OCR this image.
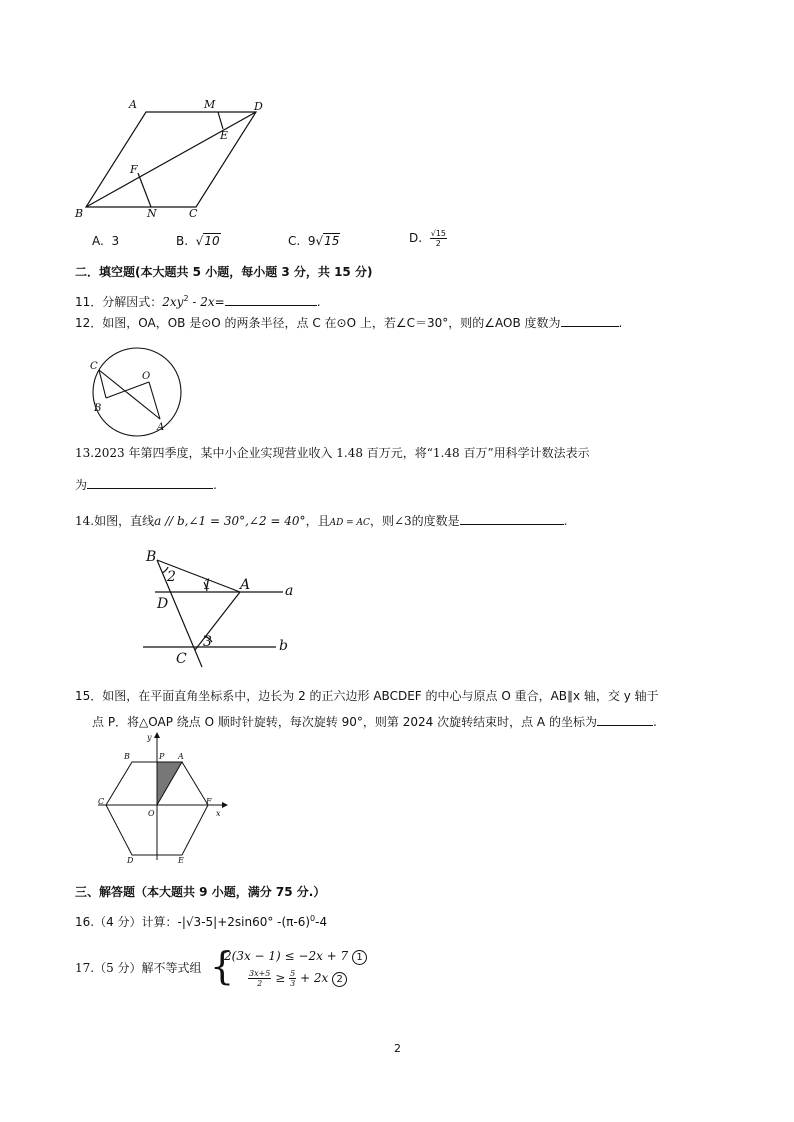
A	M	D
E
F
B	N	C
A. 3	B.  √10	C. 9√15	D. $\frac{√15}{2}$
二．填空题(本大题共 5 小题，每小题 3 分，共 15 分)
11．分解因式：$2xy^2 - 2x=$	.
12．如图，OA，OB 是⊙O 的两条半径，点 C 在⊙O 上，若∠C＝30°，则的∠AOB 度数为	.
C
O
B
A
13.2023 年第四季度，某中小企业实现营业收入 1.48 百万元，将“1.48 百万”用科学计数法表示
为	.
14.如图，直线a // b,∠1 = 30°,∠2 = 40°，且AD = AC，则∠3的度数是	.
B
2 1 A a
D
3	b
C
15．如图，在平面直角坐标系中，边长为 2 的正六边形 ABCDEF 的中心与原点 O 重合，AB∥x 轴，交 y 轴于
点 P．将△OAP 绕点 O 顺时针旋转，每次旋转 90°，则第 2024 次旋转结束时，点 A 的坐标为	.
y
B	P A
C	F
O	x
D	E
三、解答题（本大题共 9 小题，满分 75 分.）
16.（4 分）计算：-|√3-5|+2sin60° $-(\pi-6)^0-4$
17.（5 分）解不等式组 {
2(3x − 1) ≤ −2x + 7 1
$\frac{3x+5}{2} \ge \frac{5}{3} + 2x$ 2
2
